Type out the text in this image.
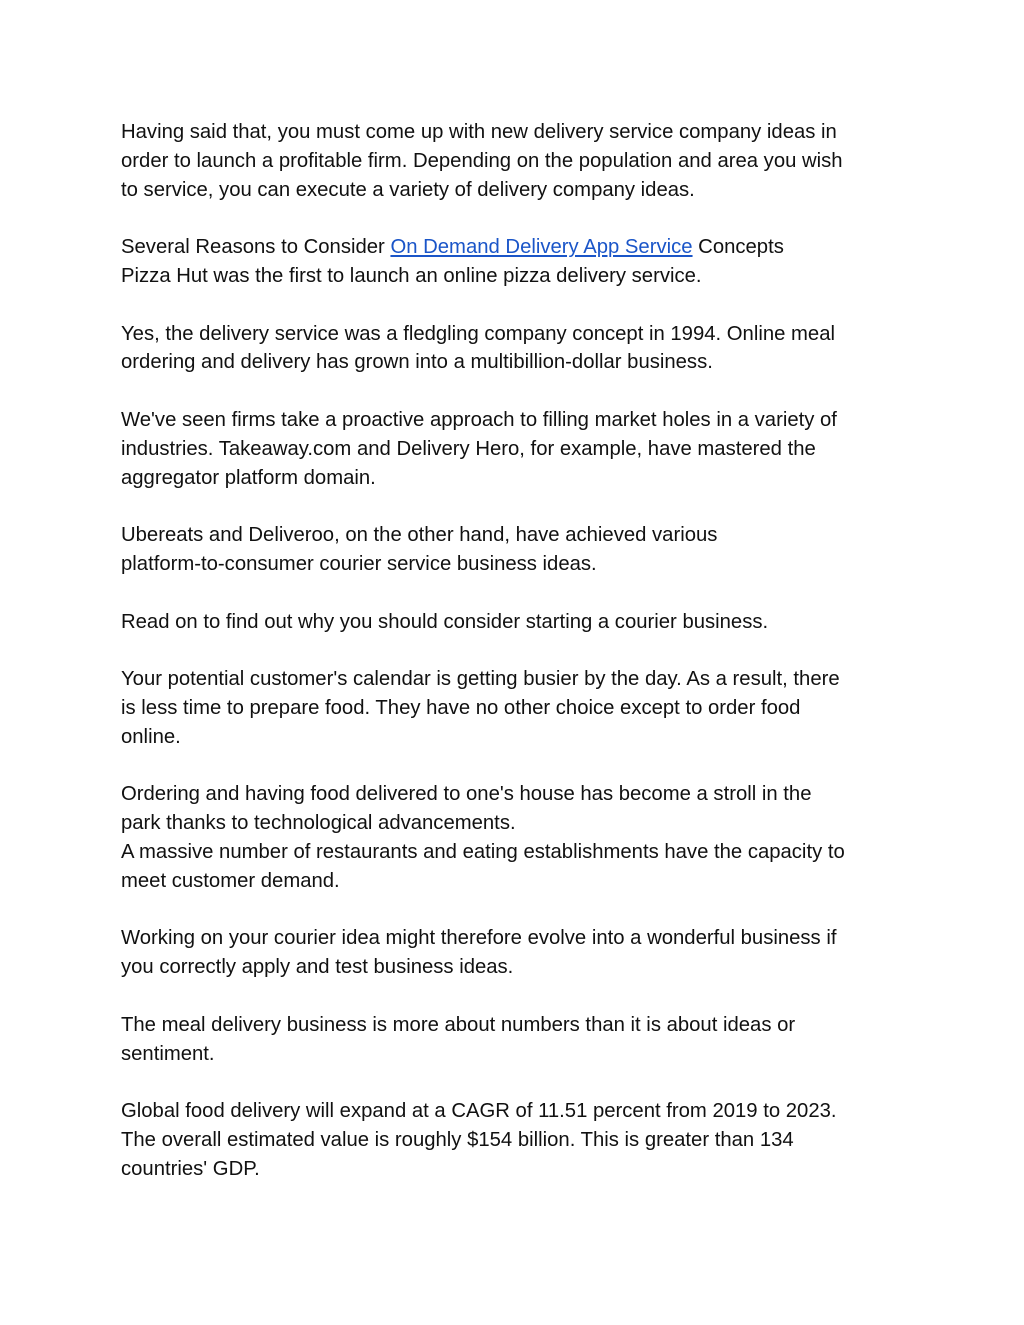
Having said that, you must come up with new delivery service company ideas in
order to launch a profitable firm. Depending on the population and area you wish
to service, you can execute a variety of delivery company ideas.

Several Reasons to Consider On Demand Delivery App Service Concepts
Pizza Hut was the first to launch an online pizza delivery service.

Yes, the delivery service was a fledgling company concept in 1994. Online meal
ordering and delivery has grown into a multibillion-dollar business.

We've seen firms take a proactive approach to filling market holes in a variety of
industries. Takeaway.com and Delivery Hero, for example, have mastered the
aggregator platform domain.

Ubereats and Deliveroo, on the other hand, have achieved various
platform-to-consumer courier service business ideas.

Read on to find out why you should consider starting a courier business.

Your potential customer's calendar is getting busier by the day. As a result, there
is less time to prepare food. They have no other choice except to order food
online.

Ordering and having food delivered to one's house has become a stroll in the
park thanks to technological advancements.
A massive number of restaurants and eating establishments have the capacity to
meet customer demand.

Working on your courier idea might therefore evolve into a wonderful business if
you correctly apply and test business ideas.

The meal delivery business is more about numbers than it is about ideas or
sentiment.

Global food delivery will expand at a CAGR of 11.51 percent from 2019 to 2023.
The overall estimated value is roughly $154 billion. This is greater than 134
countries' GDP.
